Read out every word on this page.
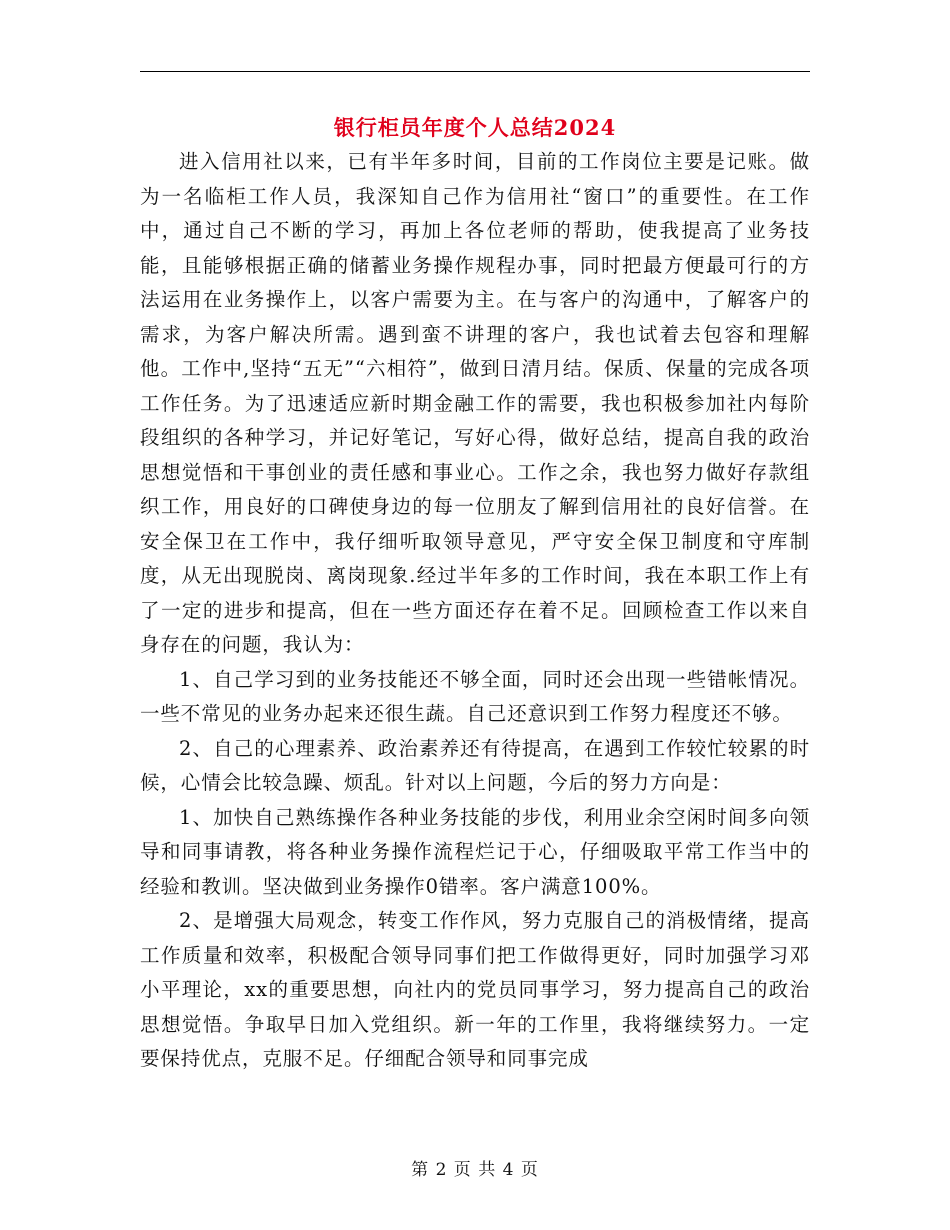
银行柜员年度个人总结2024

进入信用社以来，已有半年多时间，目前的工作岗位主要是记账。做为一名临柜工作人员，我深知自己作为信用社“窗口”的重要性。在工作中，通过自己不断的学习，再加上各位老师的帮助，使我提高了业务技能，且能够根据正确的储蓄业务操作规程办事，同时把最方便最可行的方法运用在业务操作上，以客户需要为主。在与客户的沟通中，了解客户的需求，为客户解决所需。遇到蛮不讲理的客户，我也试着去包容和理解他。工作中,坚持“五无”“六相符”，做到日清月结。保质、保量的完成各项工作任务。为了迅速适应新时期金融工作的需要，我也积极参加社内每阶段组织的各种学习，并记好笔记，写好心得，做好总结，提高自我的政治思想觉悟和干事创业的责任感和事业心。工作之余，我也努力做好存款组织工作，用良好的口碑使身边的每一位朋友了解到信用社的良好信誉。在安全保卫在工作中，我仔细听取领导意见，严守安全保卫制度和守库制度，从无出现脱岗、离岗现象.经过半年多的工作时间，我在本职工作上有了一定的进步和提高，但在一些方面还存在着不足。回顾检查工作以来自身存在的问题，我认为：

1、自己学习到的业务技能还不够全面，同时还会出现一些错帐情况。一些不常见的业务办起来还很生蔬。自己还意识到工作努力程度还不够。

2、自己的心理素养、政治素养还有待提高，在遇到工作较忙较累的时候，心情会比较急躁、烦乱。针对以上问题，今后的努力方向是：

1、加快自己熟练操作各种业务技能的步伐，利用业余空闲时间多向领导和同事请教，将各种业务操作流程烂记于心，仔细吸取平常工作当中的经验和教训。坚决做到业务操作0错率。客户满意100%。

2、是增强大局观念，转变工作作风，努力克服自己的消极情绪，提高工作质量和效率，积极配合领导同事们把工作做得更好，同时加强学习邓小平理论，xx的重要思想，向社内的党员同事学习，努力提高自己的政治思想觉悟。争取早日加入党组织。新一年的工作里，我将继续努力。一定要保持优点，克服不足。仔细配合领导和同事完成

第 2 页 共 4 页
